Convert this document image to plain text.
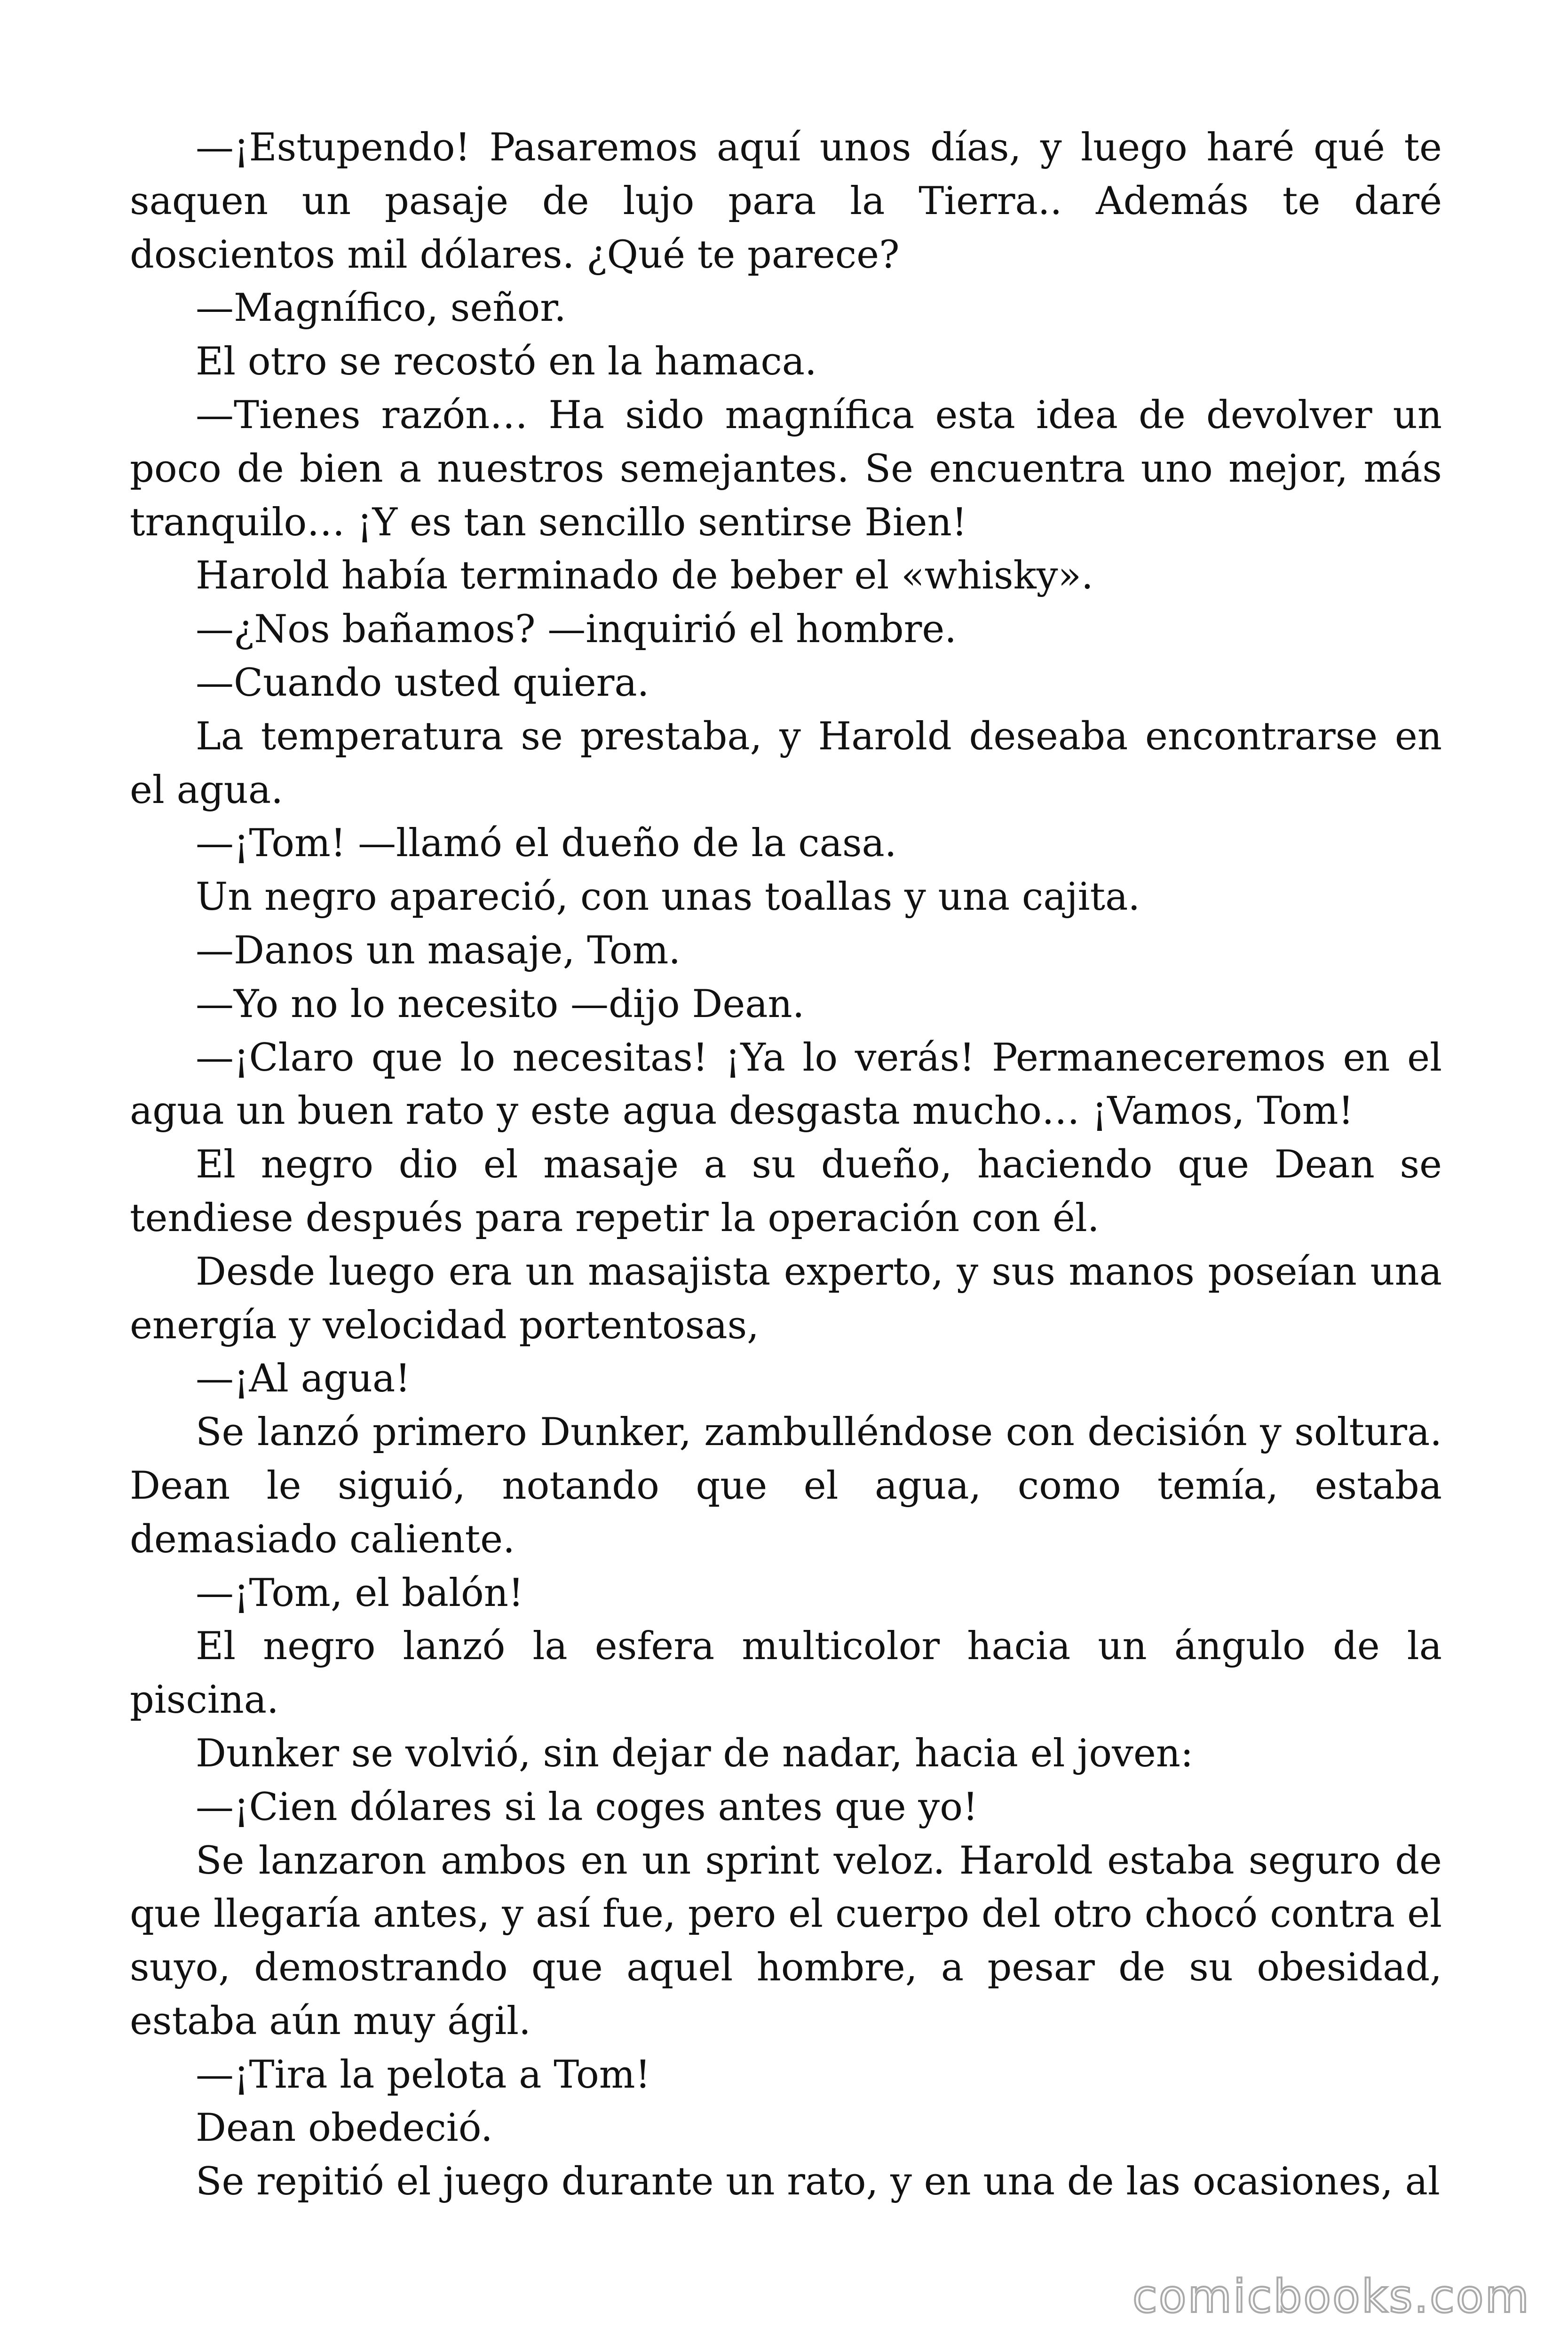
—¡Estupendo! Pasaremos aquí unos días, y luego haré qué te saquen un pasaje de lujo para la Tierra.. Además te daré doscientos mil dólares. ¿Qué te parece?

—Magnífico, señor.

El otro se recostó en la hamaca.

—Tienes razón… Ha sido magnífica esta idea de devolver un poco de bien a nuestros semejantes. Se encuentra uno mejor, más tranquilo… ¡Y es tan sencillo sentirse Bien!

Harold había terminado de beber el «whisky».

—¿Nos bañamos? —inquirió el hombre.

—Cuando usted quiera.

La temperatura se prestaba, y Harold deseaba encontrarse en el agua.

—¡Tom! —llamó el dueño de la casa.

Un negro apareció, con unas toallas y una cajita.

—Danos un masaje, Tom.

—Yo no lo necesito —dijo Dean.

—¡Claro que lo necesitas! ¡Ya lo verás! Permaneceremos en el agua un buen rato y este agua desgasta mucho… ¡Vamos, Tom!

El negro dio el masaje a su dueño, haciendo que Dean se tendiese después para repetir la operación con él.

Desde luego era un masajista experto, y sus manos poseían una energía y velocidad portentosas,

—¡Al agua!

Se lanzó primero Dunker, zambulléndose con decisión y soltura. Dean le siguió, notando que el agua, como temía, estaba demasiado caliente.

—¡Tom, el balón!

El negro lanzó la esfera multicolor hacia un ángulo de la piscina.

Dunker se volvió, sin dejar de nadar, hacia el joven:

—¡Cien dólares si la coges antes que yo!

Se lanzaron ambos en un sprint veloz. Harold estaba seguro de que llegaría antes, y así fue, pero el cuerpo del otro chocó contra el suyo, demostrando que aquel hombre, a pesar de su obesidad, estaba aún muy ágil.

—¡Tira la pelota a Tom!

Dean obedeció.

Se repitió el juego durante un rato, y en una de las ocasiones, al

comicbooks.com
